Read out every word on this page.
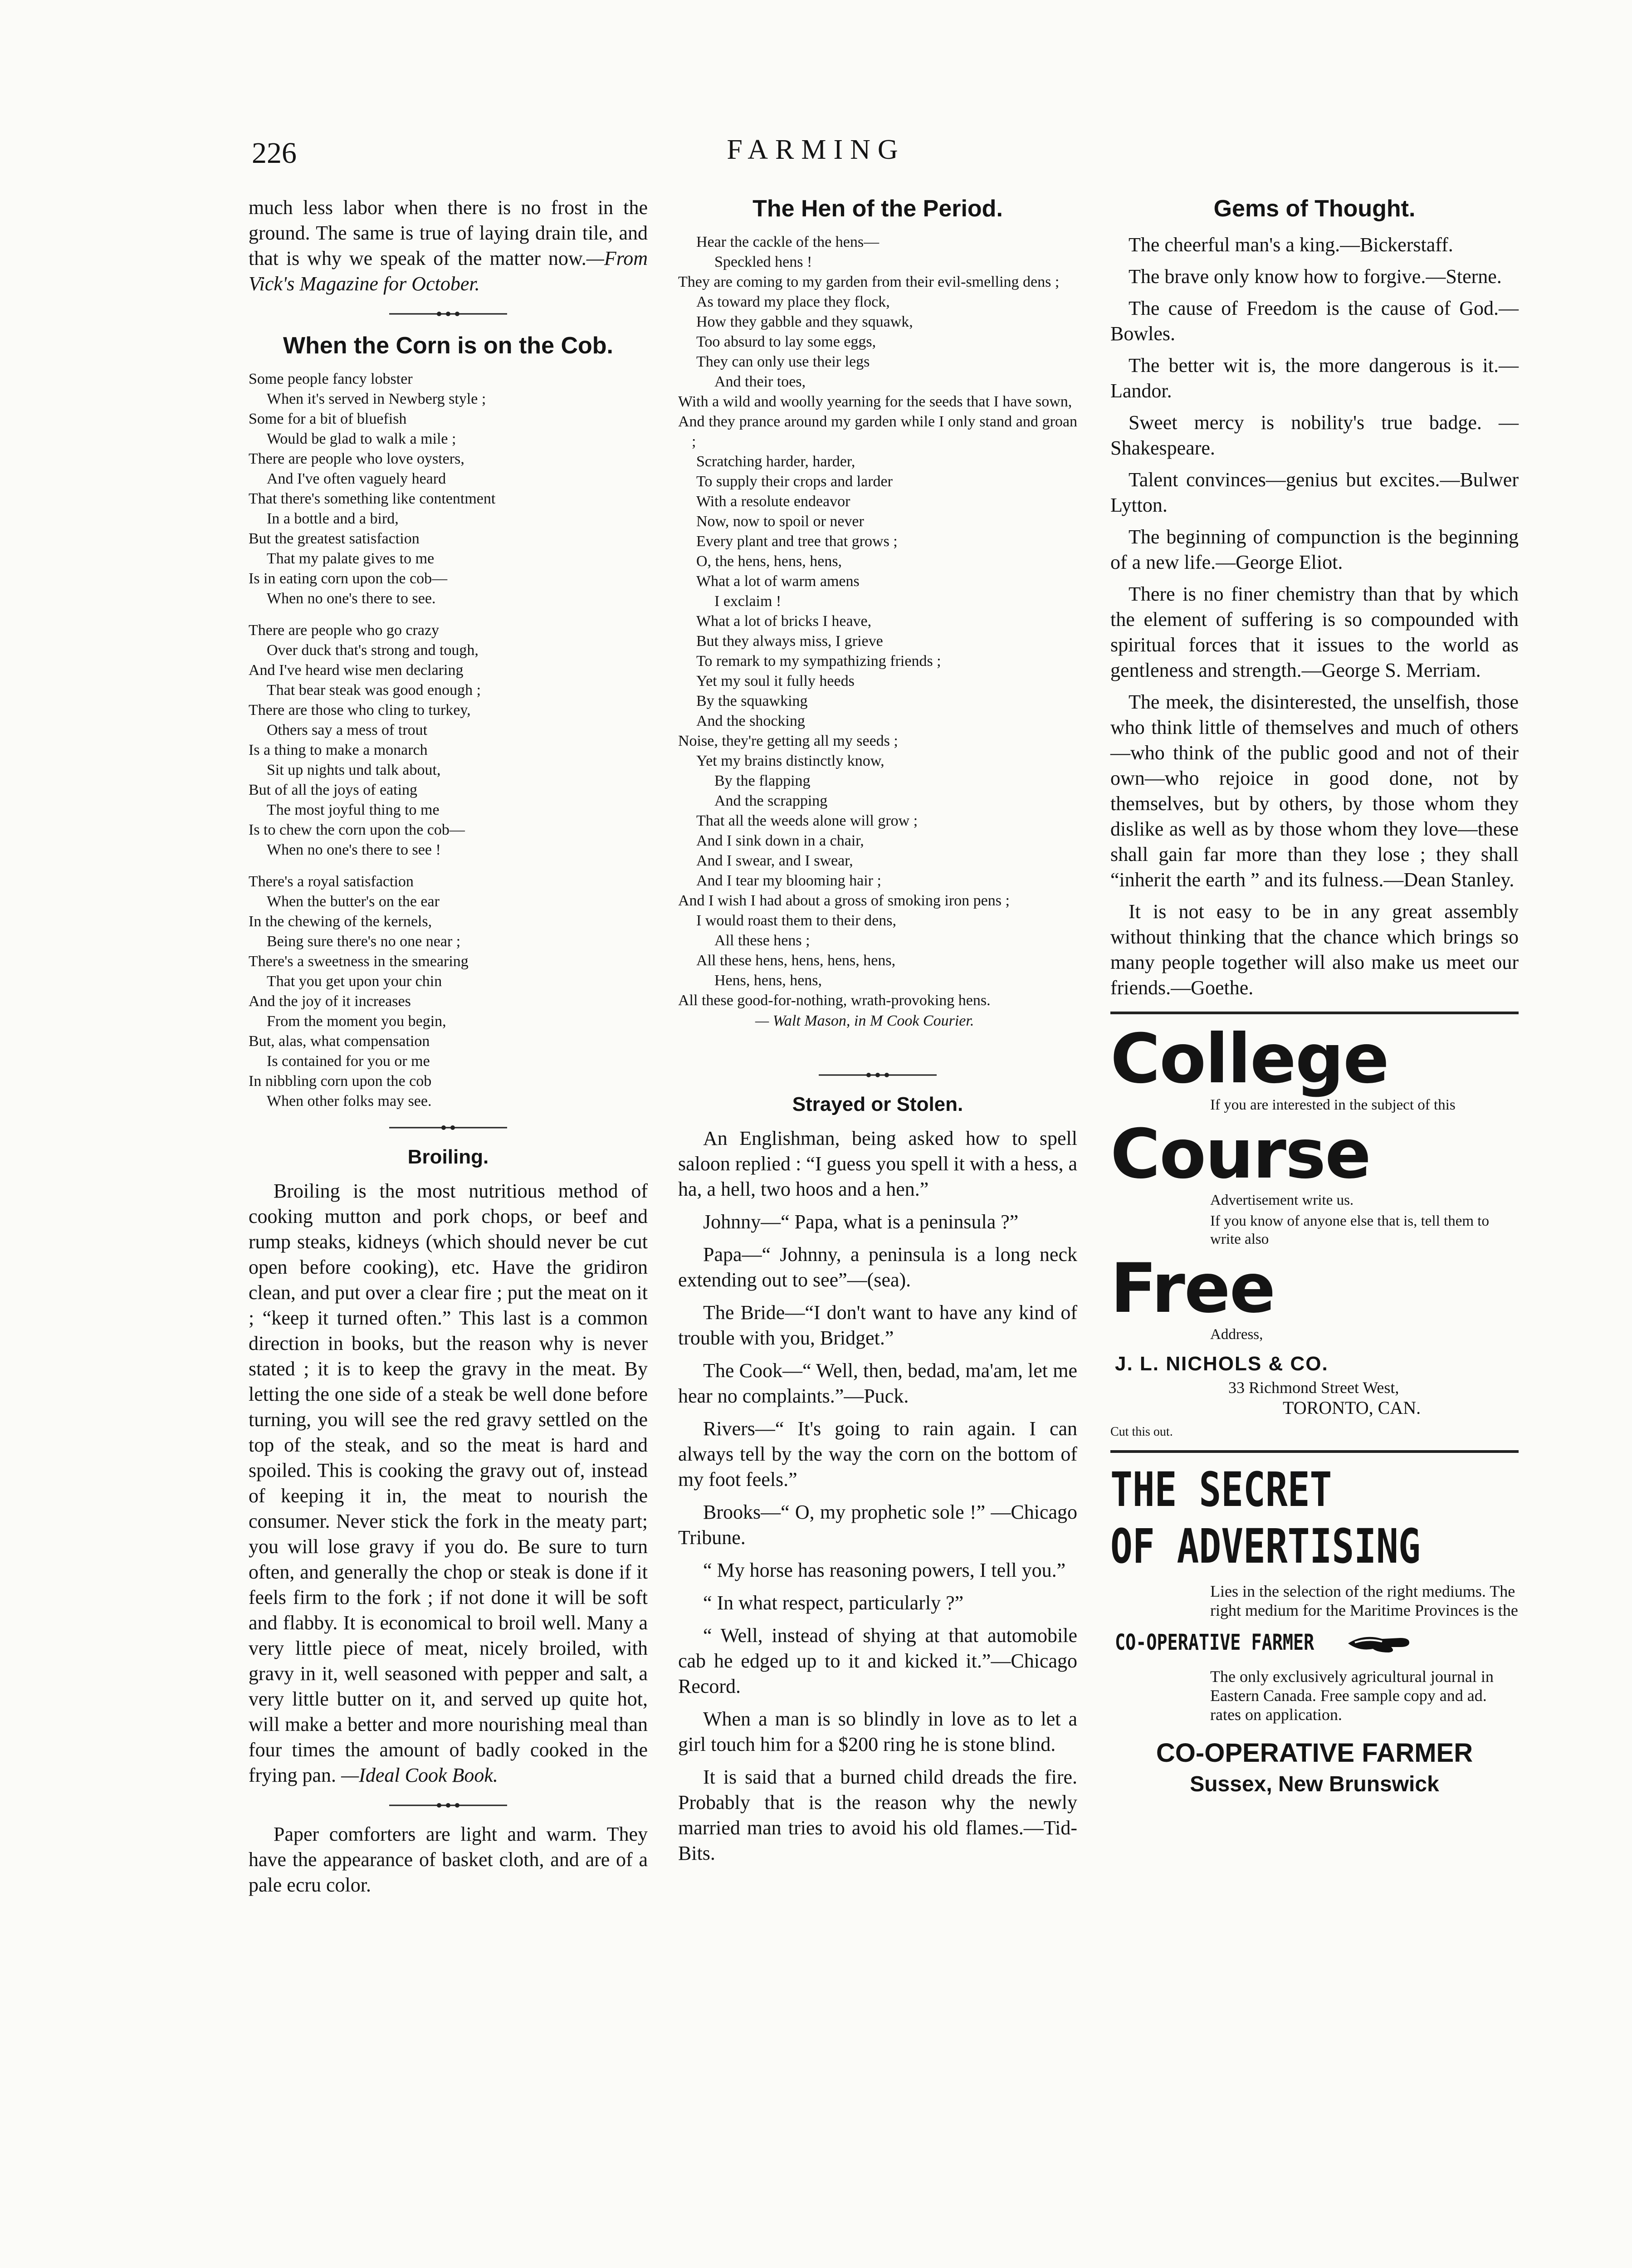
226	FARMING

much less labor when there is no frost in the ground. The same is true of laying drain tile, and that is why we speak of the matter now.—From Vick's Magazine for October.

When the Corn is on the Cob.
Some people fancy lobster
When it's served in Newberg style ;
Some for a bit of bluefish
Would be glad to walk a mile ;
There are people who love oysters,
And I've often vaguely heard
That there's something like contentment
In a bottle and a bird,
But the greatest satisfaction
That my palate gives to me
Is in eating corn upon the cob—
When no one's there to see.
There are people who go crazy
Over duck that's strong and tough,
And I've heard wise men declaring
That bear steak was good enough ;
There are those who cling to turkey,
Others say a mess of trout
Is a thing to make a monarch
Sit up nights und talk about,
But of all the joys of eating
The most joyful thing to me
Is to chew the corn upon the cob—
When no one's there to see !
There's a royal satisfaction
When the butter's on the ear
In the chewing of the kernels,
Being sure there's no one near ;
There's a sweetness in the smearing
That you get upon your chin
And the joy of it increases
From the moment you begin,
But, alas, what compensation
Is contained for you or me
In nibbling corn upon the cob
When other folks may see.
Broiling.

Broiling is the most nutritious method of cooking mutton and pork chops, or beef and rump steaks, kidneys (which should never be cut open before cooking), etc. Have the gridiron clean, and put over a clear fire ; put the meat on it ; “keep it turned often.” This last is a common direction in books, but the reason why is never stated ; it is to keep the gravy in the meat. By letting the one side of a steak be well done before turning, you will see the red gravy settled on the top of the steak, and so the meat is hard and spoiled. This is cooking the gravy out of, instead of keeping it in, the meat to nourish the consumer. Never stick the fork in the meaty part; you will lose gravy if you do. Be sure to turn often, and generally the chop or steak is done if it feels firm to the fork ; if not done it will be soft and flabby. It is economical to broil well. Many a very little piece of meat, nicely broiled, with gravy in it, well seasoned with pepper and salt, a very little butter on it, and served up quite hot, will make a better and more nourishing meal than four times the amount of badly cooked in the frying pan. —Ideal Cook Book.

Paper comforters are light and warm. They have the appearance of basket cloth, and are of a pale ecru color.

The Hen of the Period.
Hear the cackle of the hens—
Speckled hens !
They are coming to my garden from their evil-smelling dens ;
As toward my place they flock,
How they gabble and they squawk,
Too absurd to lay some eggs,
They can only use their legs
And their toes,
With a wild and woolly yearning for the seeds that I have sown,
And they prance around my garden while I only stand and groan ;
Scratching harder, harder,
To supply their crops and larder
With a resolute endeavor
Now, now to spoil or never
Every plant and tree that grows ;
O, the hens, hens, hens,
What a lot of warm amens
I exclaim !
What a lot of bricks I heave,
But they always miss, I grieve
To remark to my sympathizing friends ;
Yet my soul it fully heeds
By the squawking
And the shocking
Noise, they're getting all my seeds ;
Yet my brains distinctly know,
By the flapping
And the scrapping
That all the weeds alone will grow ;
And I sink down in a chair,
And I swear, and I swear,
And I tear my blooming hair ;
And I wish I had about a gross of smoking iron pens ;
I would roast them to their dens,
All these hens ;
All these hens, hens, hens, hens,
Hens, hens, hens,
All these good-for-nothing, wrath-provoking hens.
— Walt Mason, in M Cook Courier.
Strayed or Stolen.

An Englishman, being asked how to spell saloon replied : “I guess you spell it with a hess, a ha, a hell, two hoos and a hen.”

Johnny—“ Papa, what is a peninsula ?”

Papa—“ Johnny, a peninsula is a long neck extending out to see”—(sea).

The Bride—“I don't want to have any kind of trouble with you, Bridget.”

The Cook—“ Well, then, bedad, ma'am, let me hear no complaints.”—Puck.

Rivers—“ It's going to rain again. I can always tell by the way the corn on the bottom of my foot feels.”

Brooks—“ O, my prophetic sole !” —Chicago Tribune.

“ My horse has reasoning powers, I tell you.”

“ In what respect, particularly ?”

“ Well, instead of shying at that automobile cab he edged up to it and kicked it.”—Chicago Record.

When a man is so blindly in love as to let a girl touch him for a $200 ring he is stone blind.

It is said that a burned child dreads the fire. Probably that is the reason why the newly married man tries to avoid his old flames.—Tid-Bits.

Gems of Thought.

The cheerful man's a king.—Bickerstaff.

The brave only know how to forgive.—Sterne.

The cause of Freedom is the cause of God.—Bowles.

The better wit is, the more dangerous is it.—Landor.

Sweet mercy is nobility's true badge. —Shakespeare.

Talent convinces—genius but excites.—Bulwer Lytton.

The beginning of compunction is the beginning of a new life.—George Eliot.

There is no finer chemistry than that by which the element of suffering is so compounded with spiritual forces that it issues to the world as gentleness and strength.—George S. Merriam.

The meek, the disinterested, the unselfish, those who think little of themselves and much of others—who think of the public good and not of their own—who rejoice in good done, not by themselves, but by others, by those whom they dislike as well as by those whom they love—these shall gain far more than they lose ; they shall “inherit the earth ” and its fulness.—Dean Stanley.

It is not easy to be in any great assembly without thinking that the chance which brings so many people together will also make us meet our friends.—Goethe.

College
If you are interested in the subject of this
Course
Advertisement write us.
If you know of anyone else that is, tell them to write also
Free
Address,
J. L. NICHOLS & CO.
33 Richmond Street West,
TORONTO, CAN.
Cut this out.
THE SECRET
OF ADVERTISING
Lies in the selection of the right mediums. The right medium for the Maritime Provinces is the
CO-OPERATIVE FARMER
The only exclusively agricultural journal in Eastern Canada. Free sample copy and ad. rates on application.
CO-OPERATIVE FARMER
Sussex, New Brunswick
